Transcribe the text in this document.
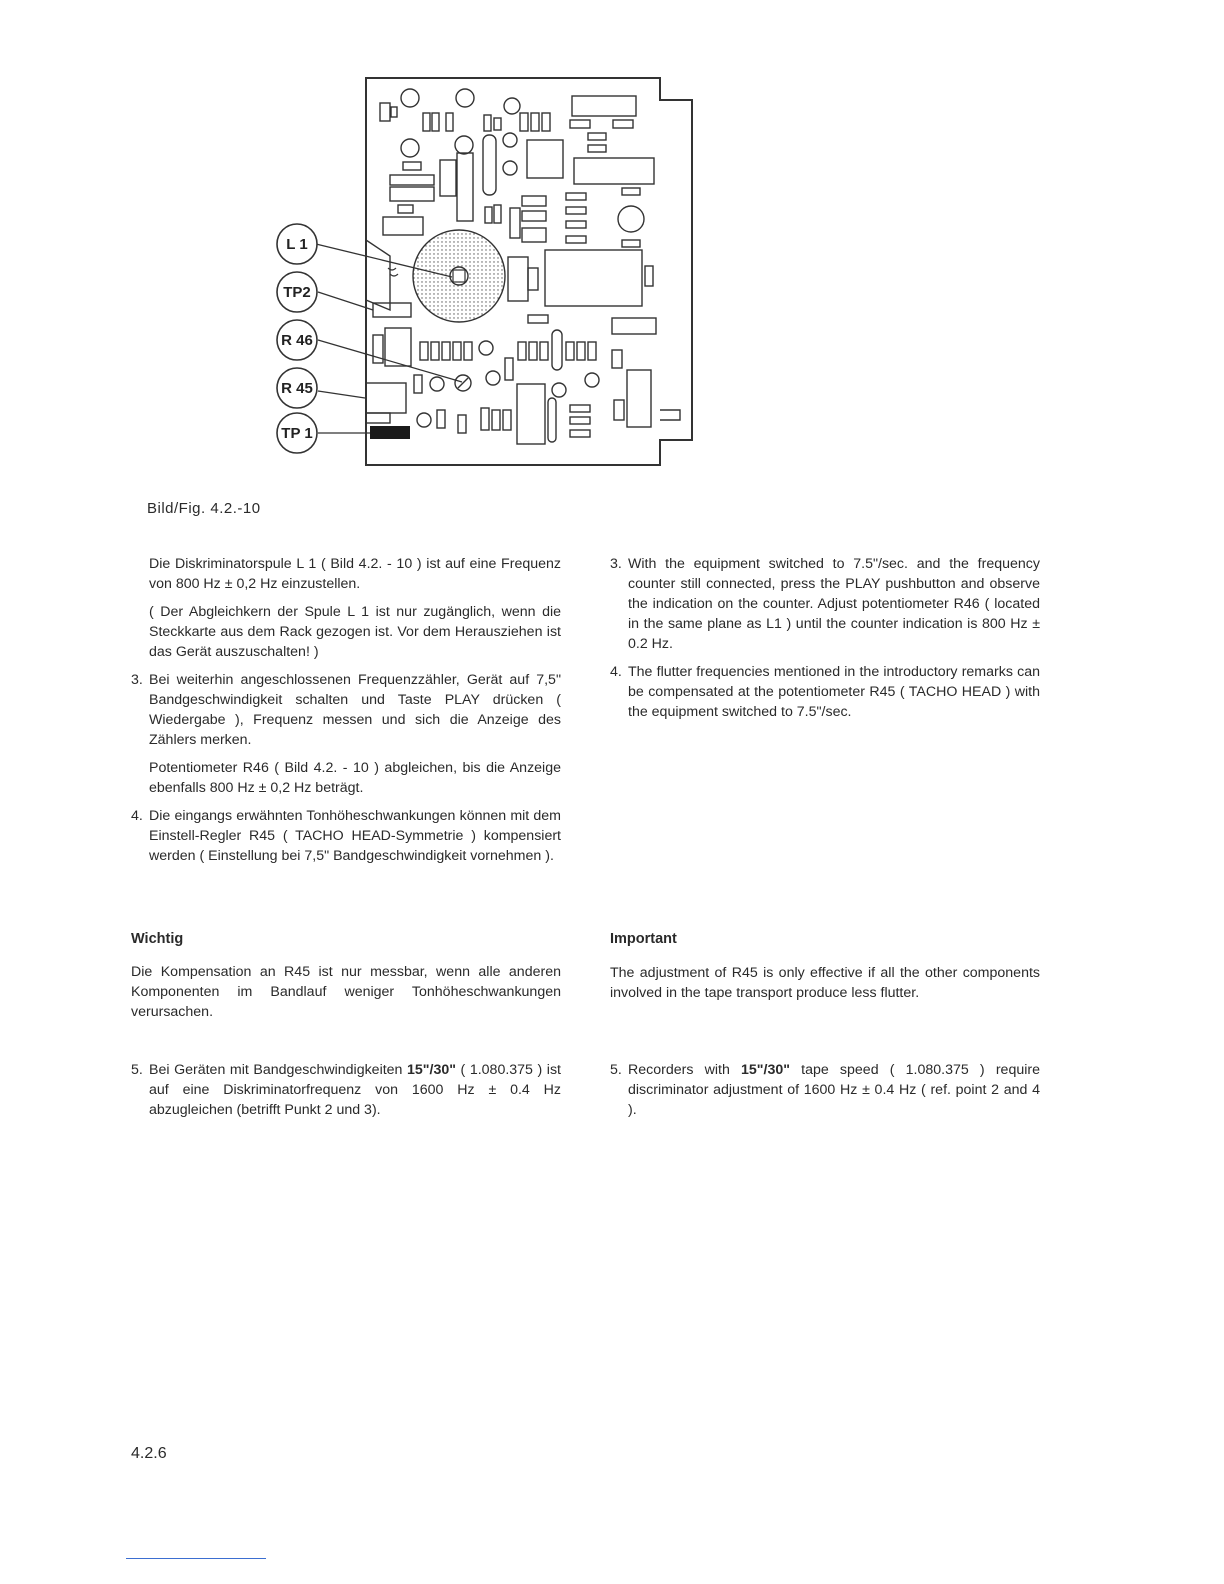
L 1
TP2
R 46
R 45
TP 1
Bild/Fig. 4.2.-10

Die Diskriminatorspule L 1 ( Bild 4.2. - 10 ) ist auf eine Frequenz von 800 Hz ± 0,2 Hz einzustellen.

( Der Abgleichkern der Spule L 1 ist nur zugänglich, wenn die Steckkarte aus dem Rack gezogen ist. Vor dem Herausziehen ist das Gerät auszuschalten! )

3. Bei weiterhin angeschlossenen Frequenzzähler, Gerät auf 7,5" Bandgeschwindigkeit schalten und Taste PLAY drücken ( Wiedergabe ), Frequenz messen und sich die Anzeige des Zählers merken.

Potentiometer R46 ( Bild 4.2. - 10 ) abgleichen, bis die Anzeige ebenfalls 800 Hz ± 0,2 Hz beträgt.

4. Die eingangs erwähnten Tonhöheschwankungen können mit dem Einstell-Regler R45 ( TACHO HEAD-Symmetrie ) kompensiert werden ( Einstellung bei 7,5" Bandgeschwindigkeit vornehmen ).

3. With the equipment switched to 7.5"/sec. and the frequency counter still connected, press the PLAY pushbutton and observe the indication on the counter. Adjust potentiometer R46 ( located in the same plane as L1 ) until the counter indication is 800 Hz ± 0.2 Hz.

4. The flutter frequencies mentioned in the introductory remarks can be compensated at the potentiometer R45 ( TACHO HEAD ) with the equipment switched to 7.5"/sec.

Wichtig
Die Kompensation an R45 ist nur messbar, wenn alle anderen Komponenten im Bandlauf weniger Tonhöheschwankungen verursachen.
Important
The adjustment of R45 is only effective if all the other components involved in the tape transport produce less flutter.
5. Bei Geräten mit Bandgeschwindigkeiten 15"/30" ( 1.080.375 ) ist auf eine Diskriminatorfrequenz von 1600 Hz ± 0.4 Hz abzugleichen (betrifft Punkt 2 und 3).

5. Recorders with 15"/30" tape speed ( 1.080.375 ) require discriminator adjustment of 1600 Hz ± 0.4 Hz ( ref. point 2 and 4 ).

4.2.6
